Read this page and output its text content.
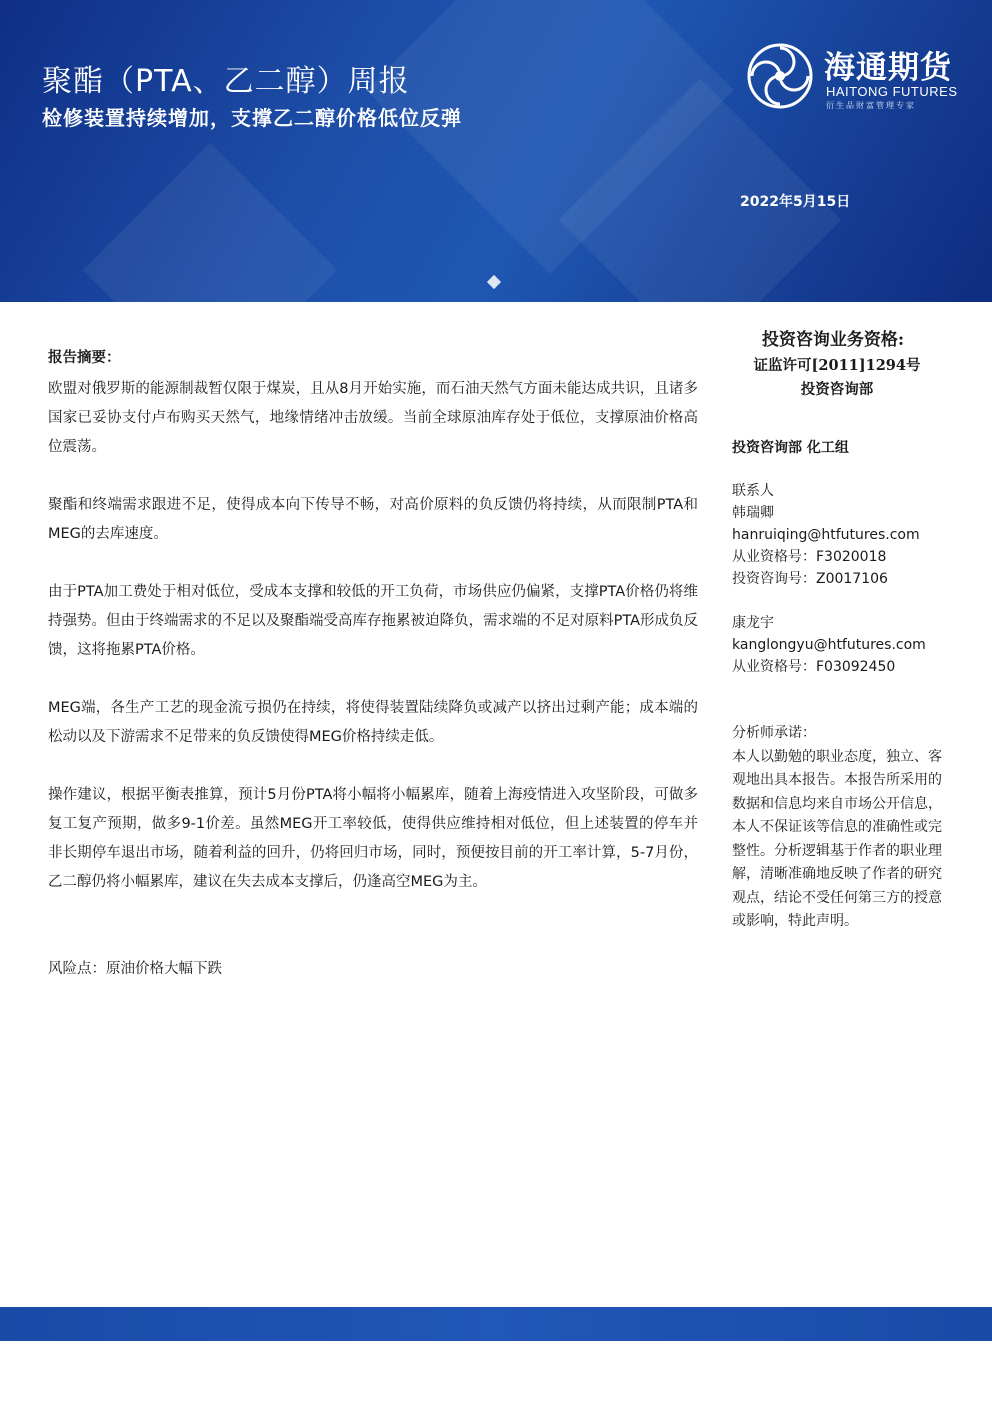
聚酯（PTA、乙二醇）周报
检修装置持续增加，支撑乙二醇价格低位反弹
2022年5月15日
海通期货
HAITONG FUTURES
衍生品财富管理专家
报告摘要：

欧盟对俄罗斯的能源制裁暂仅限于煤炭，且从8月开始实施，而石油天然气方面未能达成共识，且诸多国家已妥协支付卢布购买天然气，地缘情绪冲击放缓。当前全球原油库存处于低位，支撑原油价格高位震荡。

聚酯和终端需求跟进不足，使得成本向下传导不畅，对高价原料的负反馈仍将持续，从而限制PTA和MEG的去库速度。

由于PTA加工费处于相对低位，受成本支撑和较低的开工负荷，市场供应仍偏紧，支撑PTA价格仍将维持强势。但由于终端需求的不足以及聚酯端受高库存拖累被迫降负，需求端的不足对原料PTA形成负反馈，这将拖累PTA价格。

MEG端，各生产工艺的现金流亏损仍在持续，将使得装置陆续降负或减产以挤出过剩产能；成本端的松动以及下游需求不足带来的负反馈使得MEG价格持续走低。

操作建议，根据平衡表推算，预计5月份PTA将小幅将小幅累库，随着上海疫情进入攻坚阶段，可做多复工复产预期，做多9-1价差。虽然MEG开工率较低，使得供应维持相对低位，但上述装置的停车并非长期停车退出市场，随着利益的回升，仍将回归市场，同时，预便按目前的开工率计算，5-7月份，乙二醇仍将小幅累库，建议在失去成本支撑后，仍逢高空MEG为主。

风险点：原油价格大幅下跌

投资咨询业务资格:
证监许可[2011]1294号
投资咨询部
投资咨询部 化工组
联系人
韩瑞卿
hanruiqing@htfutures.com
从业资格号：F3020018
投资咨询号：Z0017106
康龙宇
kanglongyu@htfutures.com
从业资格号：F03092450
分析师承诺：
本人以勤勉的职业态度，独立、客观地出具本报告。本报告所采用的数据和信息均来自市场公开信息，本人不保证该等信息的准确性或完整性。分析逻辑基于作者的职业理解，清晰准确地反映了作者的研究观点，结论不受任何第三方的授意或影响，特此声明。
